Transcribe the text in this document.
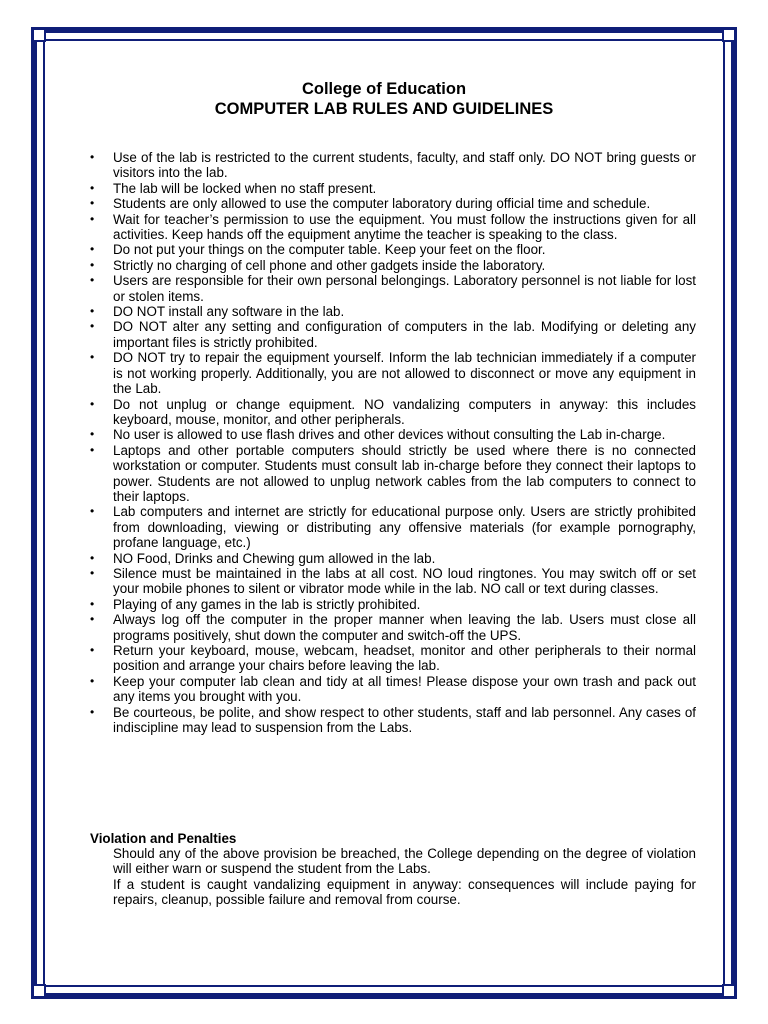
College of Education
COMPUTER LAB RULES AND GUIDELINES
• Use of the lab is restricted to the current students, faculty, and staff only. DO NOT bring guests or visitors into the lab.
• The lab will be locked when no staff present.
• Students are only allowed to use the computer laboratory during official time and schedule.
• Wait for teacher’s permission to use the equipment. You must follow the instructions given for all activities. Keep hands off the equipment anytime the teacher is speaking to the class.
• Do not put your things on the computer table. Keep your feet on the floor.
• Strictly no charging of cell phone and other gadgets inside the laboratory.
• Users are responsible for their own personal belongings. Laboratory personnel is not liable for lost or stolen items.
• DO NOT install any software in the lab.
• DO NOT alter any setting and configuration of computers in the lab. Modifying or deleting any important files is strictly prohibited.
• DO NOT try to repair the equipment yourself. Inform the lab technician immediately if a computer is not working properly. Additionally, you are not allowed to disconnect or move any equipment in the Lab.
• Do not unplug or change equipment. NO vandalizing computers in anyway: this includes keyboard, mouse, monitor, and other peripherals.
• No user is allowed to use flash drives and other devices without consulting the Lab in-charge.
• Laptops and other portable computers should strictly be used where there is no connected workstation or computer. Students must consult lab in-charge before they connect their laptops to power. Students are not allowed to unplug network cables from the lab computers to connect to their laptops.
• Lab computers and internet are strictly for educational purpose only. Users are strictly prohibited from downloading, viewing or distributing any offensive materials (for example pornography, profane language, etc.)
• NO Food, Drinks and Chewing gum allowed in the lab.
• Silence must be maintained in the labs at all cost. NO loud ringtones. You may switch off or set your mobile phones to silent or vibrator mode while in the lab. NO call or text during classes.
• Playing of any games in the lab is strictly prohibited.
• Always log off the computer in the proper manner when leaving the lab. Users must close all programs positively, shut down the computer and switch-off the UPS.
• Return your keyboard, mouse, webcam, headset, monitor and other peripherals to their normal position and arrange your chairs before leaving the lab.
• Keep your computer lab clean and tidy at all times! Please dispose your own trash and pack out any items you brought with you.
• Be courteous, be polite, and show respect to other students, staff and lab personnel. Any cases of indiscipline may lead to suspension from the Labs.
Violation and Penalties
Should any of the above provision be breached, the College depending on the degree of violation will either warn or suspend the student from the Labs.
If a student is caught vandalizing equipment in anyway: consequences will include paying for repairs, cleanup, possible failure and removal from course.
